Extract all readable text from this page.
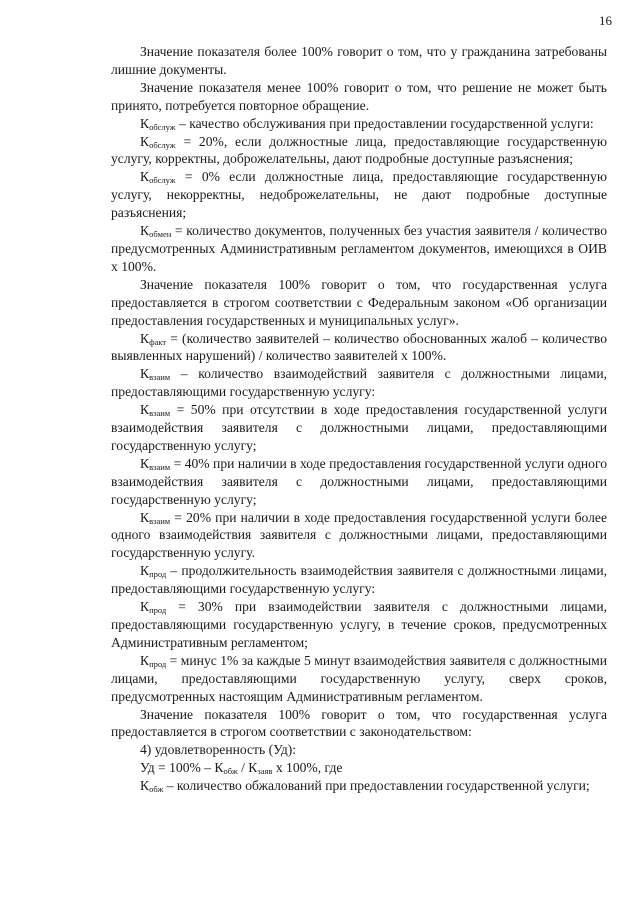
16

Значение показателя более 100% говорит о том, что у гражданина затребованы лишние документы.

Значение показателя менее 100% говорит о том, что решение не может быть принято, потребуется повторное обращение.

$К_{обслуж}$ – качество обслуживания при предоставлении государственной услуги:

$К_{обслуж} = 20\%$, если должностные лица, предоставляющие государственную услугу, корректны, доброжелательны, дают подробные доступные разъяснения;

$К_{обслуж} = 0\%$ если должностные лица, предоставляющие государственную услугу, некорректны, недоброжелательны, не дают подробные доступные разъяснения;

$К_{обмен}$ = количество документов, полученных без участия заявителя / количество предусмотренных Административным регламентом документов, имеющихся в ОИВ x 100%.

Значение показателя 100% говорит о том, что государственная услуга предоставляется в строгом соответствии с Федеральным законом «Об организации предоставления государственных и муниципальных услуг».

$К_{факт}$ = (количество заявителей – количество обоснованных жалоб – количество выявленных нарушений) / количество заявителей x 100%.

$К_{взаим}$ – количество взаимодействий заявителя с должностными лицами, предоставляющими государственную услугу:

$К_{взаим} = 50\%$ при отсутствии в ходе предоставления государственной услуги взаимодействия заявителя с должностными лицами, предоставляющими государственную услугу;

$К_{взаим} = 40\%$ при наличии в ходе предоставления государственной услуги одного взаимодействия заявителя с должностными лицами, предоставляющими государственную услугу;

$К_{взаим} = 20\%$ при наличии в ходе предоставления государственной услуги более одного взаимодействия заявителя с должностными лицами, предоставляющими государственную услугу.

$К_{прод}$ – продолжительность взаимодействия заявителя с должностными лицами, предоставляющими государственную услугу:

$К_{прод} = 30\%$ при взаимодействии заявителя с должностными лицами, предоставляющими государственную услугу, в течение сроков, предусмотренных Административным регламентом;

$К_{прод}$ = минус 1% за каждые 5 минут взаимодействия заявителя с должностными лицами, предоставляющими государственную услугу, сверх сроков, предусмотренных настоящим Административным регламентом.

Значение показателя 100% говорит о том, что государственная услуга предоставляется в строгом соответствии с законодательством:

4) удовлетворенность (Уд):

Уд = $100\% - К_{обж} / К_{заяв}$ x 100%, где

$К_{обж}$ – количество обжалований при предоставлении государственной услуги;
